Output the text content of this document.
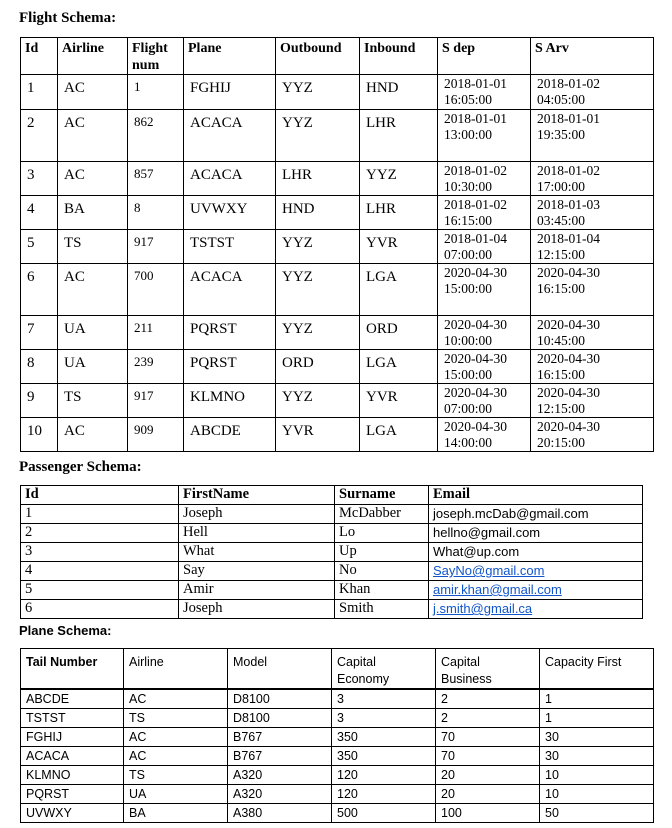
Flight Schema:
Id	Airline	Flight num	Plane	Outbound	Inbound	S dep	S Arv
1	AC	1	FGHIJ	YYZ	HND	2018-01-01 16:05:00	2018-01-02 04:05:00
2	AC	862	ACACA	YYZ	LHR	2018-01-01 13:00:00	2018-01-01 19:35:00
3	AC	857	ACACA	LHR	YYZ	2018-01-02 10:30:00	2018-01-02 17:00:00
4	BA	8	UVWXY	HND	LHR	2018-01-02 16:15:00	2018-01-03 03:45:00
5	TS	917	TSTST	YYZ	YVR	2018-01-04 07:00:00	2018-01-04 12:15:00
6	AC	700	ACACA	YYZ	LGA	2020-04-30 15:00:00	2020-04-30 16:15:00
7	UA	211	PQRST	YYZ	ORD	2020-04-30 10:00:00	2020-04-30 10:45:00
8	UA	239	PQRST	ORD	LGA	2020-04-30 15:00:00	2020-04-30 16:15:00
9	TS	917	KLMNO	YYZ	YVR	2020-04-30 07:00:00	2020-04-30 12:15:00
10	AC	909	ABCDE	YVR	LGA	2020-04-30 14:00:00	2020-04-30 20:15:00
Passenger Schema:
Id	FirstName	Surname	Email
1	Joseph	McDabber	joseph.mcDab@gmail.com
2	Hell	Lo	hellno@gmail.com
3	What	Up	What@up.com
4	Say	No	SayNo@gmail.com
5	Amir	Khan	amir.khan@gmail.com
6	Joseph	Smith	j.smith@gmail.ca
Plane Schema:
Tail Number	Airline	Model	Capital Economy	Capital Business	Capacity First

ABCDE	AC	D8100	3	2	1
TSTST	TS	D8100	3	2	1
FGHIJ	AC	B767	350	70	30
ACACA	AC	B767	350	70	30
KLMNO	TS	A320	120	20	10
PQRST	UA	A320	120	20	10
UVWXY	BA	A380	500	100	50
